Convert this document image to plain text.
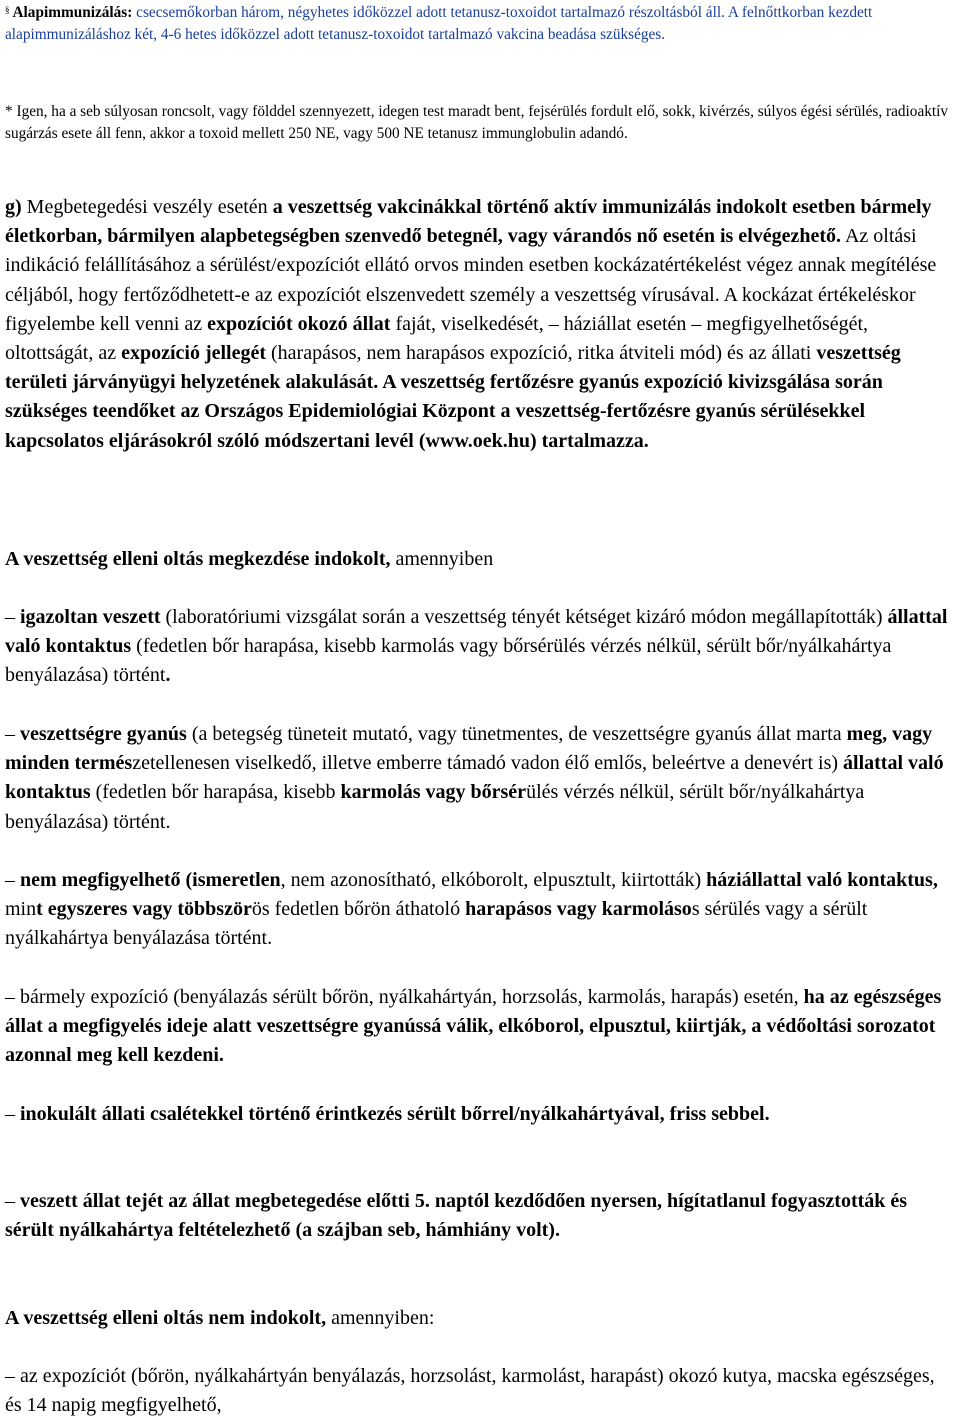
§ Alapimmunizálás: csecsemőkorban három, négyhetes időközzel adott tetanusz-toxoidot tartalmazó részoltásból áll. A felnőttkorban kezdett alapimmunizáláshoz két, 4-6 hetes időközzel adott tetanusz-toxoidot tartalmazó vakcina beadása szükséges.

* Igen, ha a seb súlyosan roncsolt, vagy földdel szennyezett, idegen test maradt bent, fejsérülés fordult elő, sokk, kivérzés, súlyos égési sérülés, radioaktív sugárzás esete áll fenn, akkor a toxoid mellett 250 NE, vagy 500 NE tetanusz immunglobulin adandó.

g) Megbetegedési veszély esetén a veszettség vakcinákkal történő aktív immunizálás indokolt esetben bármely életkorban, bármilyen alapbetegségben szenvedő betegnél, vagy várandós nő esetén is elvégezhető. Az oltási indikáció felállításához a sérülést/expozíciót ellátó orvos minden esetben kockázatértékelést végez annak megítélése céljából, hogy fertőződhetett-e az expozíciót elszenvedett személy a veszettség vírusával. A kockázat értékeléskor figyelembe kell venni az expozíciót okozó állat faját, viselkedését, – háziállat esetén – megfigyelhetőségét, oltottságát, az expozíció jellegét (harapásos, nem harapásos expozíció, ritka átviteli mód) és az állati veszettség területi járványügyi helyzetének alakulását. A veszettség fertőzésre gyanús expozíció kivizsgálása során szükséges teendőket az Országos Epidemiológiai Központ a veszettség-fertőzésre gyanús sérülésekkel kapcsolatos eljárásokról szóló módszertani levél (www.oek.hu) tartalmazza.

A veszettség elleni oltás megkezdése indokolt, amennyiben

– igazoltan veszett (laboratóriumi vizsgálat során a veszettség tényét kétséget kizáró módon megállapították) állattal való kontaktus (fedetlen bőr harapása, kisebb karmolás vagy bőrsérülés vérzés nélkül, sérült bőr/nyálkahártya benyálazása) történt.

– veszettségre gyanús (a betegség tüneteit mutató, vagy tünetmentes, de veszettségre gyanús állat marta meg, vagy minden természetellenesen viselkedő, illetve emberre támadó vadon élő emlős, beleértve a denevért is) állattal való kontaktus (fedetlen bőr harapása, kisebb karmolás vagy bőrsérülés vérzés nélkül, sérült bőr/nyálkahártya benyálazása) történt.

– nem megfigyelhető (ismeretlen, nem azonosítható, elkóborolt, elpusztult, kiirtották) háziállattal való kontaktus, mint egyszeres vagy többszörös fedetlen bőrön áthatoló harapásos vagy karmolásos sérülés vagy a sérült nyálkahártya benyálazása történt.

– bármely expozíció (benyálazás sérült bőrön, nyálkahártyán, horzsolás, karmolás, harapás) esetén, ha az egészséges állat a megfigyelés ideje alatt veszettségre gyanússá válik, elkóborol, elpusztul, kiirtják, a védőoltási sorozatot azonnal meg kell kezdeni.

– inokulált állati csalétekkel történő érintkezés sérült bőrrel/nyálkahártyával, friss sebbel.

– veszett állat tejét az állat megbetegedése előtti 5. naptól kezdődően nyersen, hígítatlanul fogyasztották és sérült nyálkahártya feltételezhető (a szájban seb, hámhiány volt).

A veszettség elleni oltás nem indokolt, amennyiben:

– az expozíciót (bőrön, nyálkahártyán benyálazás, horzsolást, karmolást, harapást) okozó kutya, macska egészséges, és 14 napig megfigyelhető,
